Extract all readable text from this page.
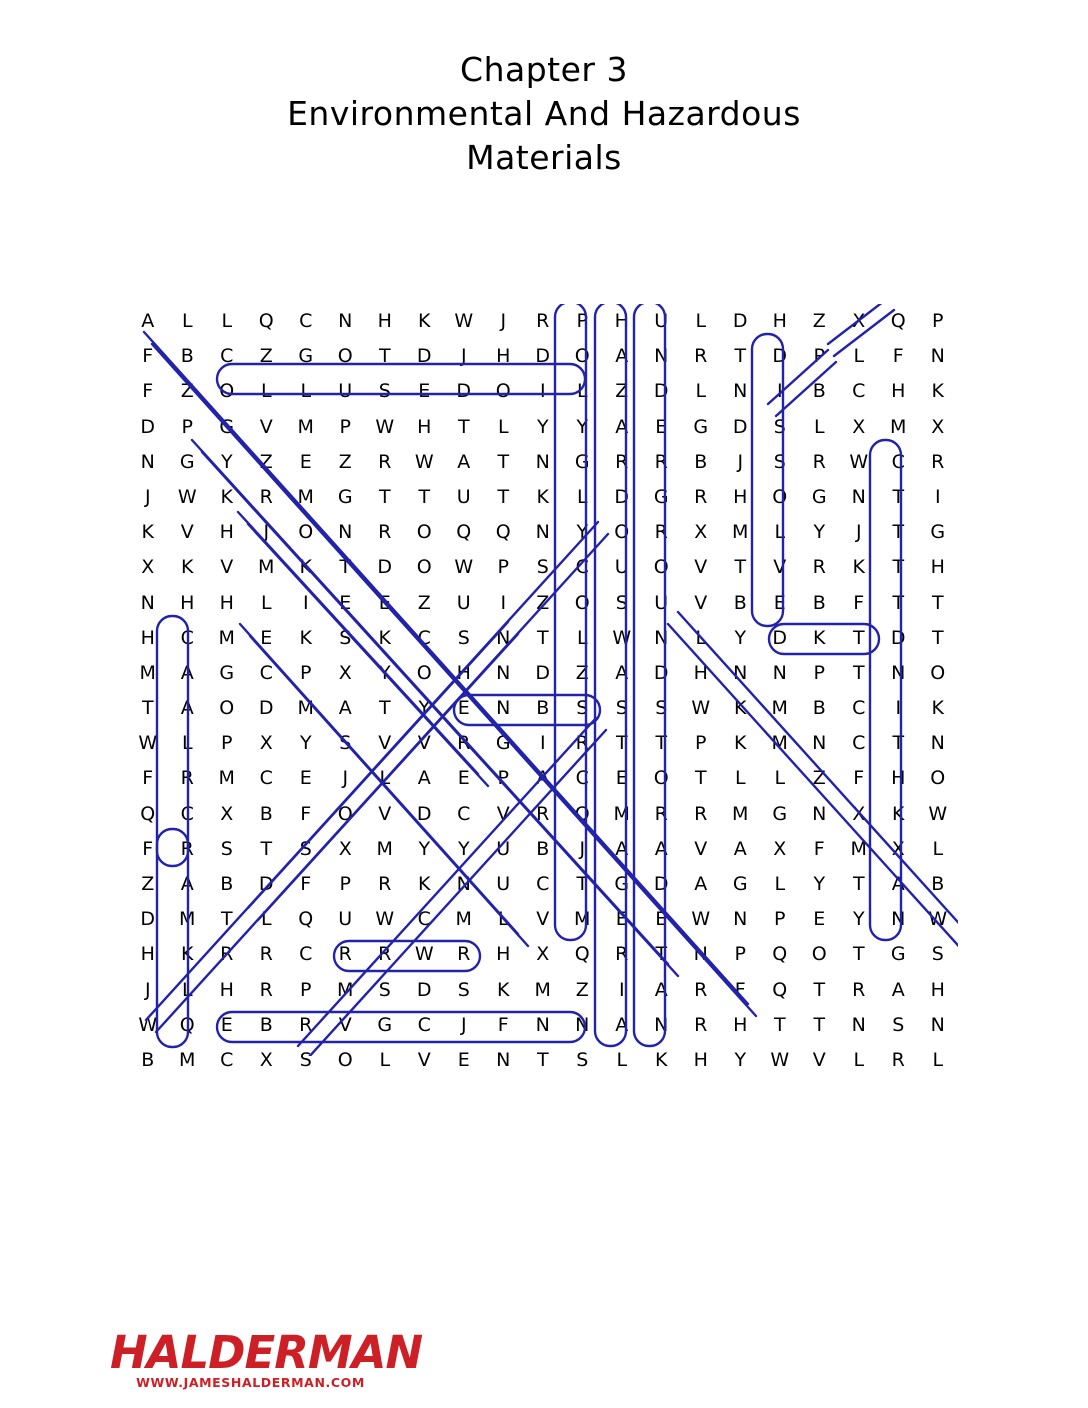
Chapter 3
Environmental And Hazardous
Materials
A	L	L	Q	C	N	H	K	W	J	R	P	H	U	L	D	H	Z	X	Q	P
F	B	C	Z	G	O	T	D	J	H	D	O	A	N	R	T	D	P	L	F	N
F	Z	O	L	L	U	S	E	D	O	I	L	Z	D	L	N	I	B	C	H	K
D	P	G	V	M	P	W	H	T	L	Y	Y	A	E	G	D	S	L	X	M	X
N	G	Y	Z	E	Z	R	W	A	T	N	G	R	R	B	J	S	R	W	C	R
J	W	K	R	M	G	T	T	U	T	K	L	D	G	R	H	O	G	N	T	I
K	V	H	J	O	N	R	O	Q	Q	N	Y	O	R	X	M	L	Y	J	T	G
X	K	V	M	K	T	D	O	W	P	S	C	U	O	V	T	V	R	K	T	H
N	H	H	L	I	E	E	Z	U	I	Z	O	S	U	V	B	E	B	F	T	T
H	C	M	E	K	S	K	C	S	N	T	L	W	N	L	Y	D	K	T	D	T
M	A	G	C	P	X	Y	O	H	N	D	Z	A	D	H	N	N	P	T	N	O
T	A	O	D	M	A	T	Y	E	N	B	S	S	S	W	K	M	B	C	I	K
W	L	P	X	Y	S	V	V	R	G	I	R	T	T	P	K	M	N	C	T	N
F	R	M	C	E	J	L	A	E	P	A	C	E	O	T	L	L	Z	F	H	O
Q	C	X	B	F	O	V	D	C	V	R	Q	M	R	R	M	G	N	X	K	W
F	R	S	T	S	X	M	Y	Y	U	B	J	A	A	V	A	X	F	M	X	L
Z	A	B	D	F	P	R	K	N	U	C	T	G	D	A	G	L	Y	T	A	B
D	M	T	L	Q	U	W	C	M	L	V	M	E	E	W	N	P	E	Y	N	W
H	K	R	R	C	R	R	W	R	H	X	Q	R	T	N	P	Q	O	T	G	S
J	L	H	R	P	M	S	D	S	K	M	Z	I	A	R	F	Q	T	R	A	H
W	Q	E	B	R	V	G	C	J	F	N	N	A	N	R	H	T	T	N	S	N
B	M	C	X	S	O	L	V	E	N	T	S	L	K	H	Y	W	V	L	R	L
HALDERMAN
WWW.JAMESHALDERMAN.COM
